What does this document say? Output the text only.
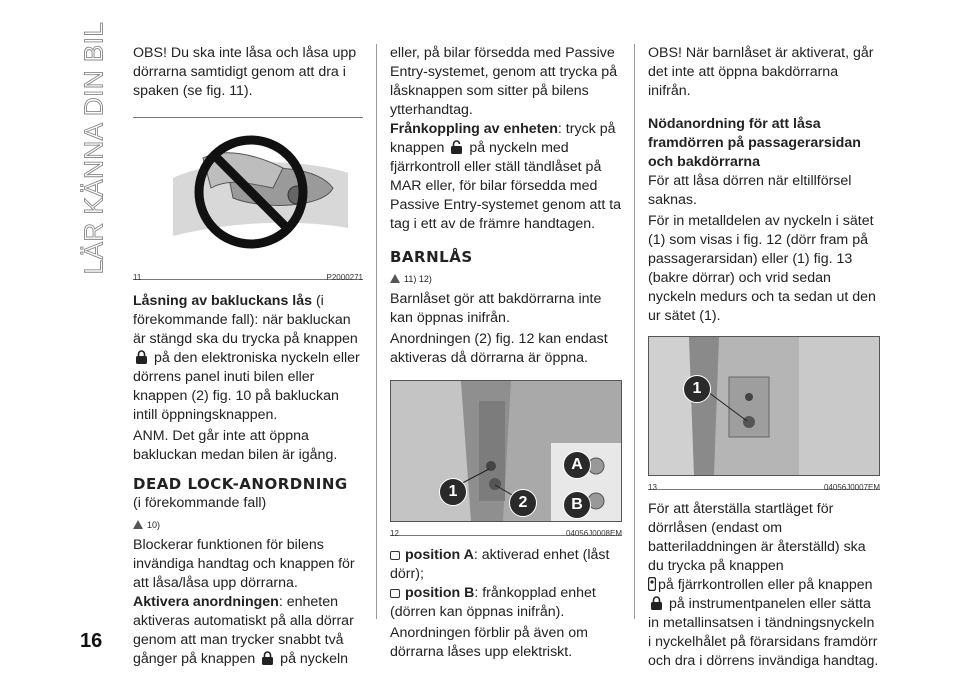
LÄR KÄNNA DIN BIL
16

OBS! Du ska inte låsa och låsa upp dörrarna samtidigt genom att dra i spaken (se fig. 11).

11	P2000271

Låsning av bakluckans lås (i förekommande fall): när bakluckan är stängd ska du trycka på knappen  på den elektroniska nyckeln eller dörrens panel inuti bilen eller knappen (2) fig. 10 på bakluckan intill öppningsknappen.

ANM. Det går inte att öppna bakluckan medan bilen är igång.

DEAD LOCK-ANORDNING

(i förekommande fall)

10)

Blockerar funktionen för bilens invändiga handtag och knappen för att låsa/låsa upp dörrarna.

Aktivera anordningen: enheten aktiveras automatiskt på alla dörrar genom att man trycker snabbt två gånger på knappen  på nyckeln

eller, på bilar försedda med Passive Entry-systemet, genom att trycka på låsknappen som sitter på bilens ytterhandtag.

Frånkoppling av enheten: tryck på knappen  på nyckeln med fjärrkontroll eller ställ tändlåset på MAR eller, för bilar försedda med Passive Entry-systemet genom att ta tag i ett av de främre handtagen.

BARNLÅS

11) 12)

Barnlåset gör att bakdörrarna inte kan öppnas inifrån.

Anordningen (2) fig. 12 kan endast aktiveras då dörrarna är öppna.

1
2
A
B
12	04056J0008EM

position A: aktiverad enhet (låst dörr);

position B: frånkopplad enhet (dörren kan öppnas inifrån).

Anordningen förblir på även om dörrarna låses upp elektriskt.

OBS! När barnlåset är aktiverat, går det inte att öppna bakdörrarna inifrån.

Nödanordning för att låsa framdörren på passagerarsidan och bakdörrarna

För att låsa dörren när eltillförsel saknas.

För in metalldelen av nyckeln i sätet (1) som visas i fig. 12 (dörr fram på passagerarsidan) eller (1) fig. 13 (bakre dörrar) och vrid sedan nyckeln medurs och ta sedan ut den ur sätet (1).

1
13	04056J0007EM

För att återställa startläget för dörrlåsen (endast om batteriladdningen är återställd) ska du trycka på knappen

på fjärrkontrollen eller på knappen

på instrumentpanelen eller sätta in metallinsatsen i tändningsnyckeln i nyckelhålet på förarsidans framdörr och dra i dörrens invändiga handtag.
